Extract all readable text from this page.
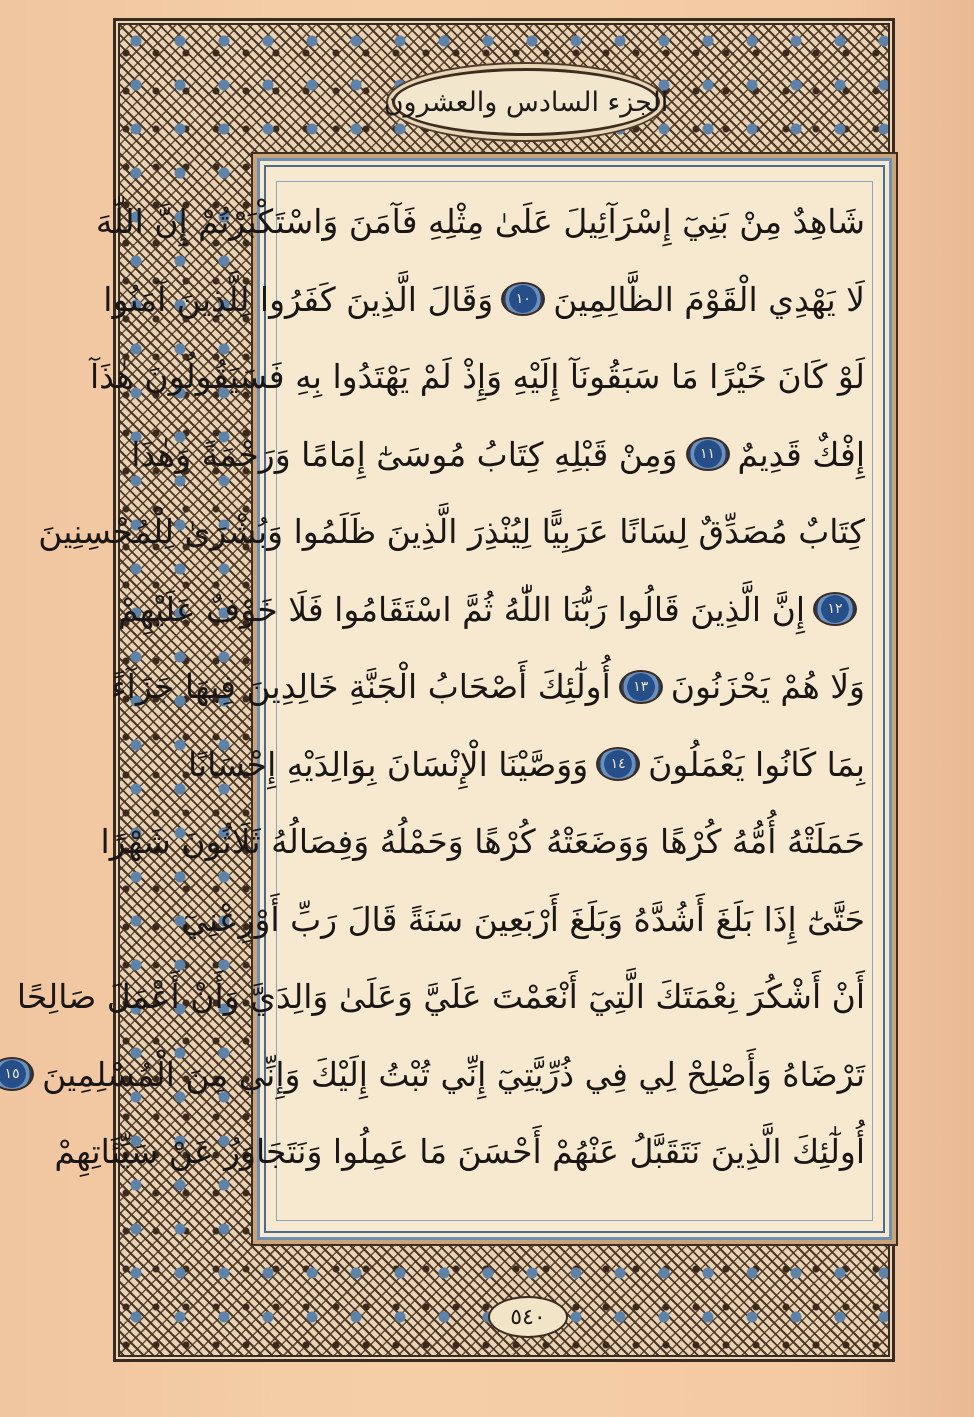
الجزء السادس والعشرون
شَاهِدٌ مِنْ بَنِيٓ إِسْرَآئِيلَ عَلَىٰ مِثْلِهِ فَآمَنَ وَاسْتَكْبَرْتُمْ إِنَّ اللّٰهَ
لَا يَهْدِي الْقَوْمَ الظَّالِمِينَ
١٠
وَقَالَ الَّذِينَ كَفَرُوا لِلَّذِينَ آمَنُوا
لَوْ كَانَ خَيْرًا مَا سَبَقُونَآ إِلَيْهِ وَإِذْ لَمْ يَهْتَدُوا بِهِ فَسَيَقُولُونَ هٰذَآ
إِفْكٌ قَدِيمٌ
١١
وَمِنْ قَبْلِهِ كِتَابُ مُوسَىٰٓ إِمَامًا وَرَحْمَةً وَهٰذَا
كِتَابٌ مُصَدِّقٌ لِسَانًا عَرَبِيًّا لِيُنْذِرَ الَّذِينَ ظَلَمُوا وَبُشْرَىٰ لِلْمُحْسِنِينَ
١٢
إِنَّ الَّذِينَ قَالُوا رَبُّنَا اللّٰهُ ثُمَّ اسْتَقَامُوا فَلَا خَوْفٌ عَلَيْهِمْ
وَلَا هُمْ يَحْزَنُونَ
١٣
أُولٰٓئِكَ أَصْحَابُ الْجَنَّةِ خَالِدِينَ فِيهَا جَزَآءً
بِمَا كَانُوا يَعْمَلُونَ
١٤
وَوَصَّيْنَا الْإِنْسَانَ بِوَالِدَيْهِ إِحْسَانًا
حَمَلَتْهُ أُمُّهُ كُرْهًا وَوَضَعَتْهُ كُرْهًا وَحَمْلُهُ وَفِصَالُهُ ثَلَاثُونَ شَهْرًا
حَتَّىٰٓ إِذَا بَلَغَ أَشُدَّهُ وَبَلَغَ أَرْبَعِينَ سَنَةً قَالَ رَبِّ أَوْزِعْنِيٓ
أَنْ أَشْكُرَ نِعْمَتَكَ الَّتِيٓ أَنْعَمْتَ عَلَيَّ وَعَلَىٰ وَالِدَيَّ وَأَنْ أَعْمَلَ صَالِحًا
تَرْضَاهُ وَأَصْلِحْ لِي فِي ذُرِّيَّتِيٓ إِنِّي تُبْتُ إِلَيْكَ وَإِنِّي مِنَ الْمُسْلِمِينَ
١٥
أُولٰٓئِكَ الَّذِينَ نَتَقَبَّلُ عَنْهُمْ أَحْسَنَ مَا عَمِلُوا وَنَتَجَاوَزُ عَنْ سَيِّئَاتِهِمْ
٥٤٠
